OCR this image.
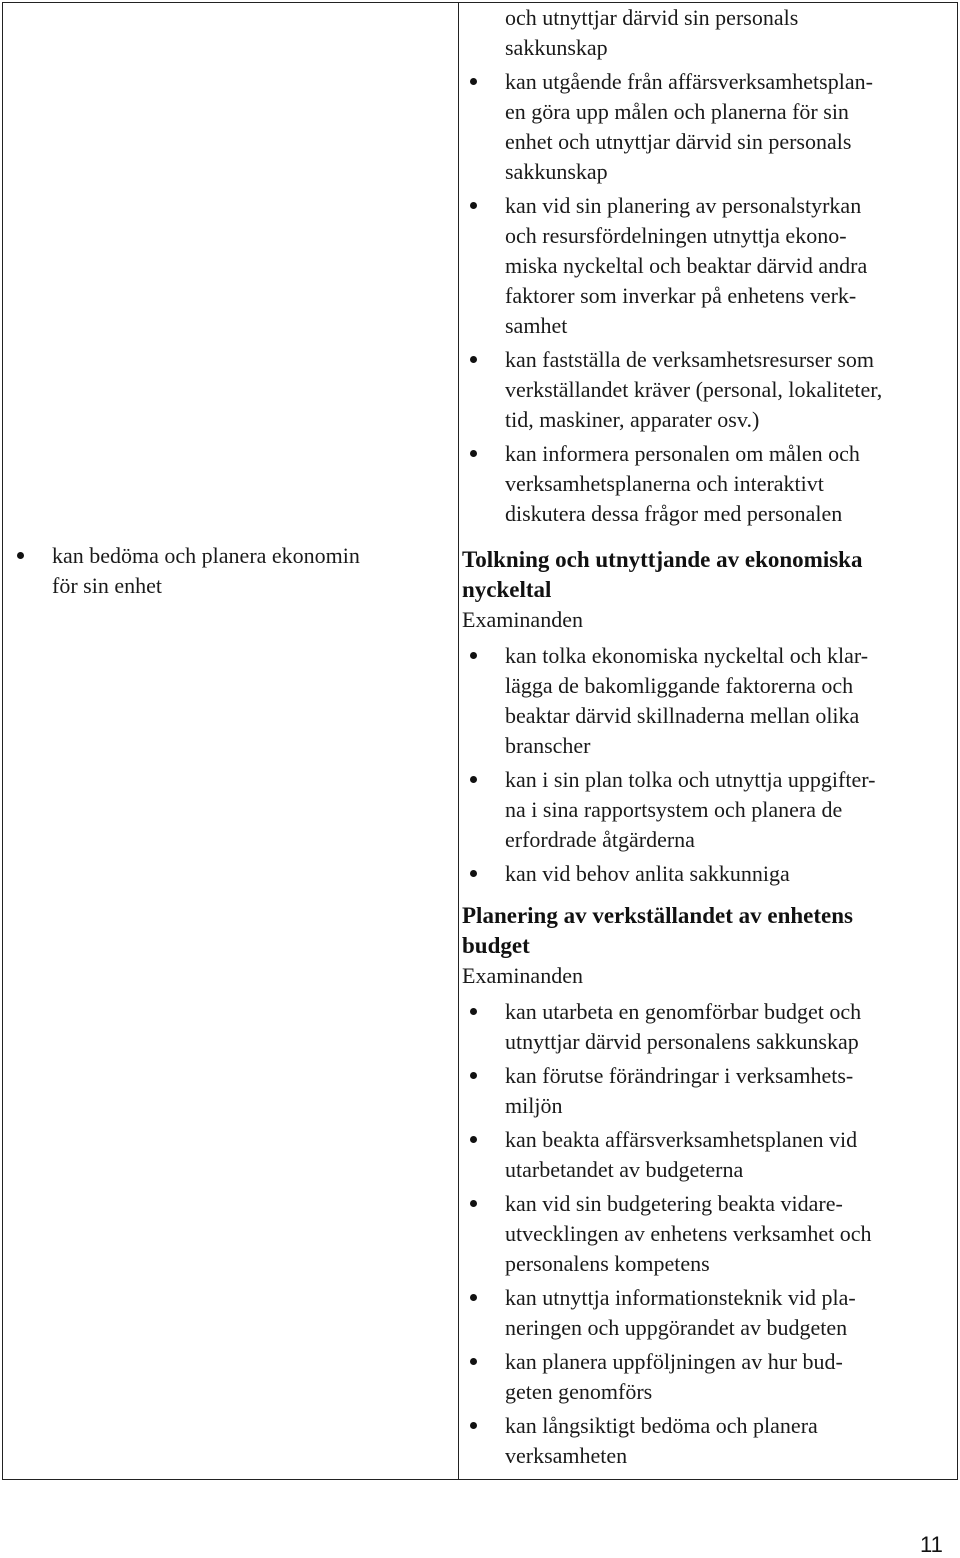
kan bedöma och planera ekonomin
för sin enhet
och utnyttjar därvid sin personals
sakkunskap
kan utgående från affärsverksamhetsplan-
en göra upp målen och planerna för sin
enhet och utnyttjar därvid sin personals
sakkunskap
kan vid sin planering av personalstyrkan
och resursfördelningen utnyttja ekono-
miska nyckeltal och beaktar därvid andra
faktorer som inverkar på enhetens verk-
samhet
kan fastställa de verksamhetsresurser som
verkställandet kräver (personal, lokaliteter,
tid, maskiner, apparater osv.)
kan informera personalen om målen och
verksamhetsplanerna och interaktivt
diskutera dessa frågor med personalen
Tolkning och utnyttjande av ekonomiska
nyckeltal
Examinanden
kan tolka ekonomiska nyckeltal och klar-
lägga de bakomliggande faktorerna och
beaktar därvid skillnaderna mellan olika
branscher
kan i sin plan tolka och utnyttja uppgifter-
na i sina rapportsystem och planera de
erfordrade åtgärderna
kan vid behov anlita sakkunniga
Planering av verkställandet av enhetens
budget
Examinanden
kan utarbeta en genomförbar budget och
utnyttjar därvid personalens sakkunskap
kan förutse förändringar i verksamhets-
miljön
kan beakta affärsverksamhetsplanen vid
utarbetandet av budgeterna
kan vid sin budgetering beakta vidare-
utvecklingen av enhetens verksamhet och
personalens kompetens
kan utnyttja informationsteknik vid pla-
neringen och uppgörandet av budgeten
kan planera uppföljningen av hur bud-
geten genomförs
kan långsiktigt bedöma och planera
verksamheten
11
